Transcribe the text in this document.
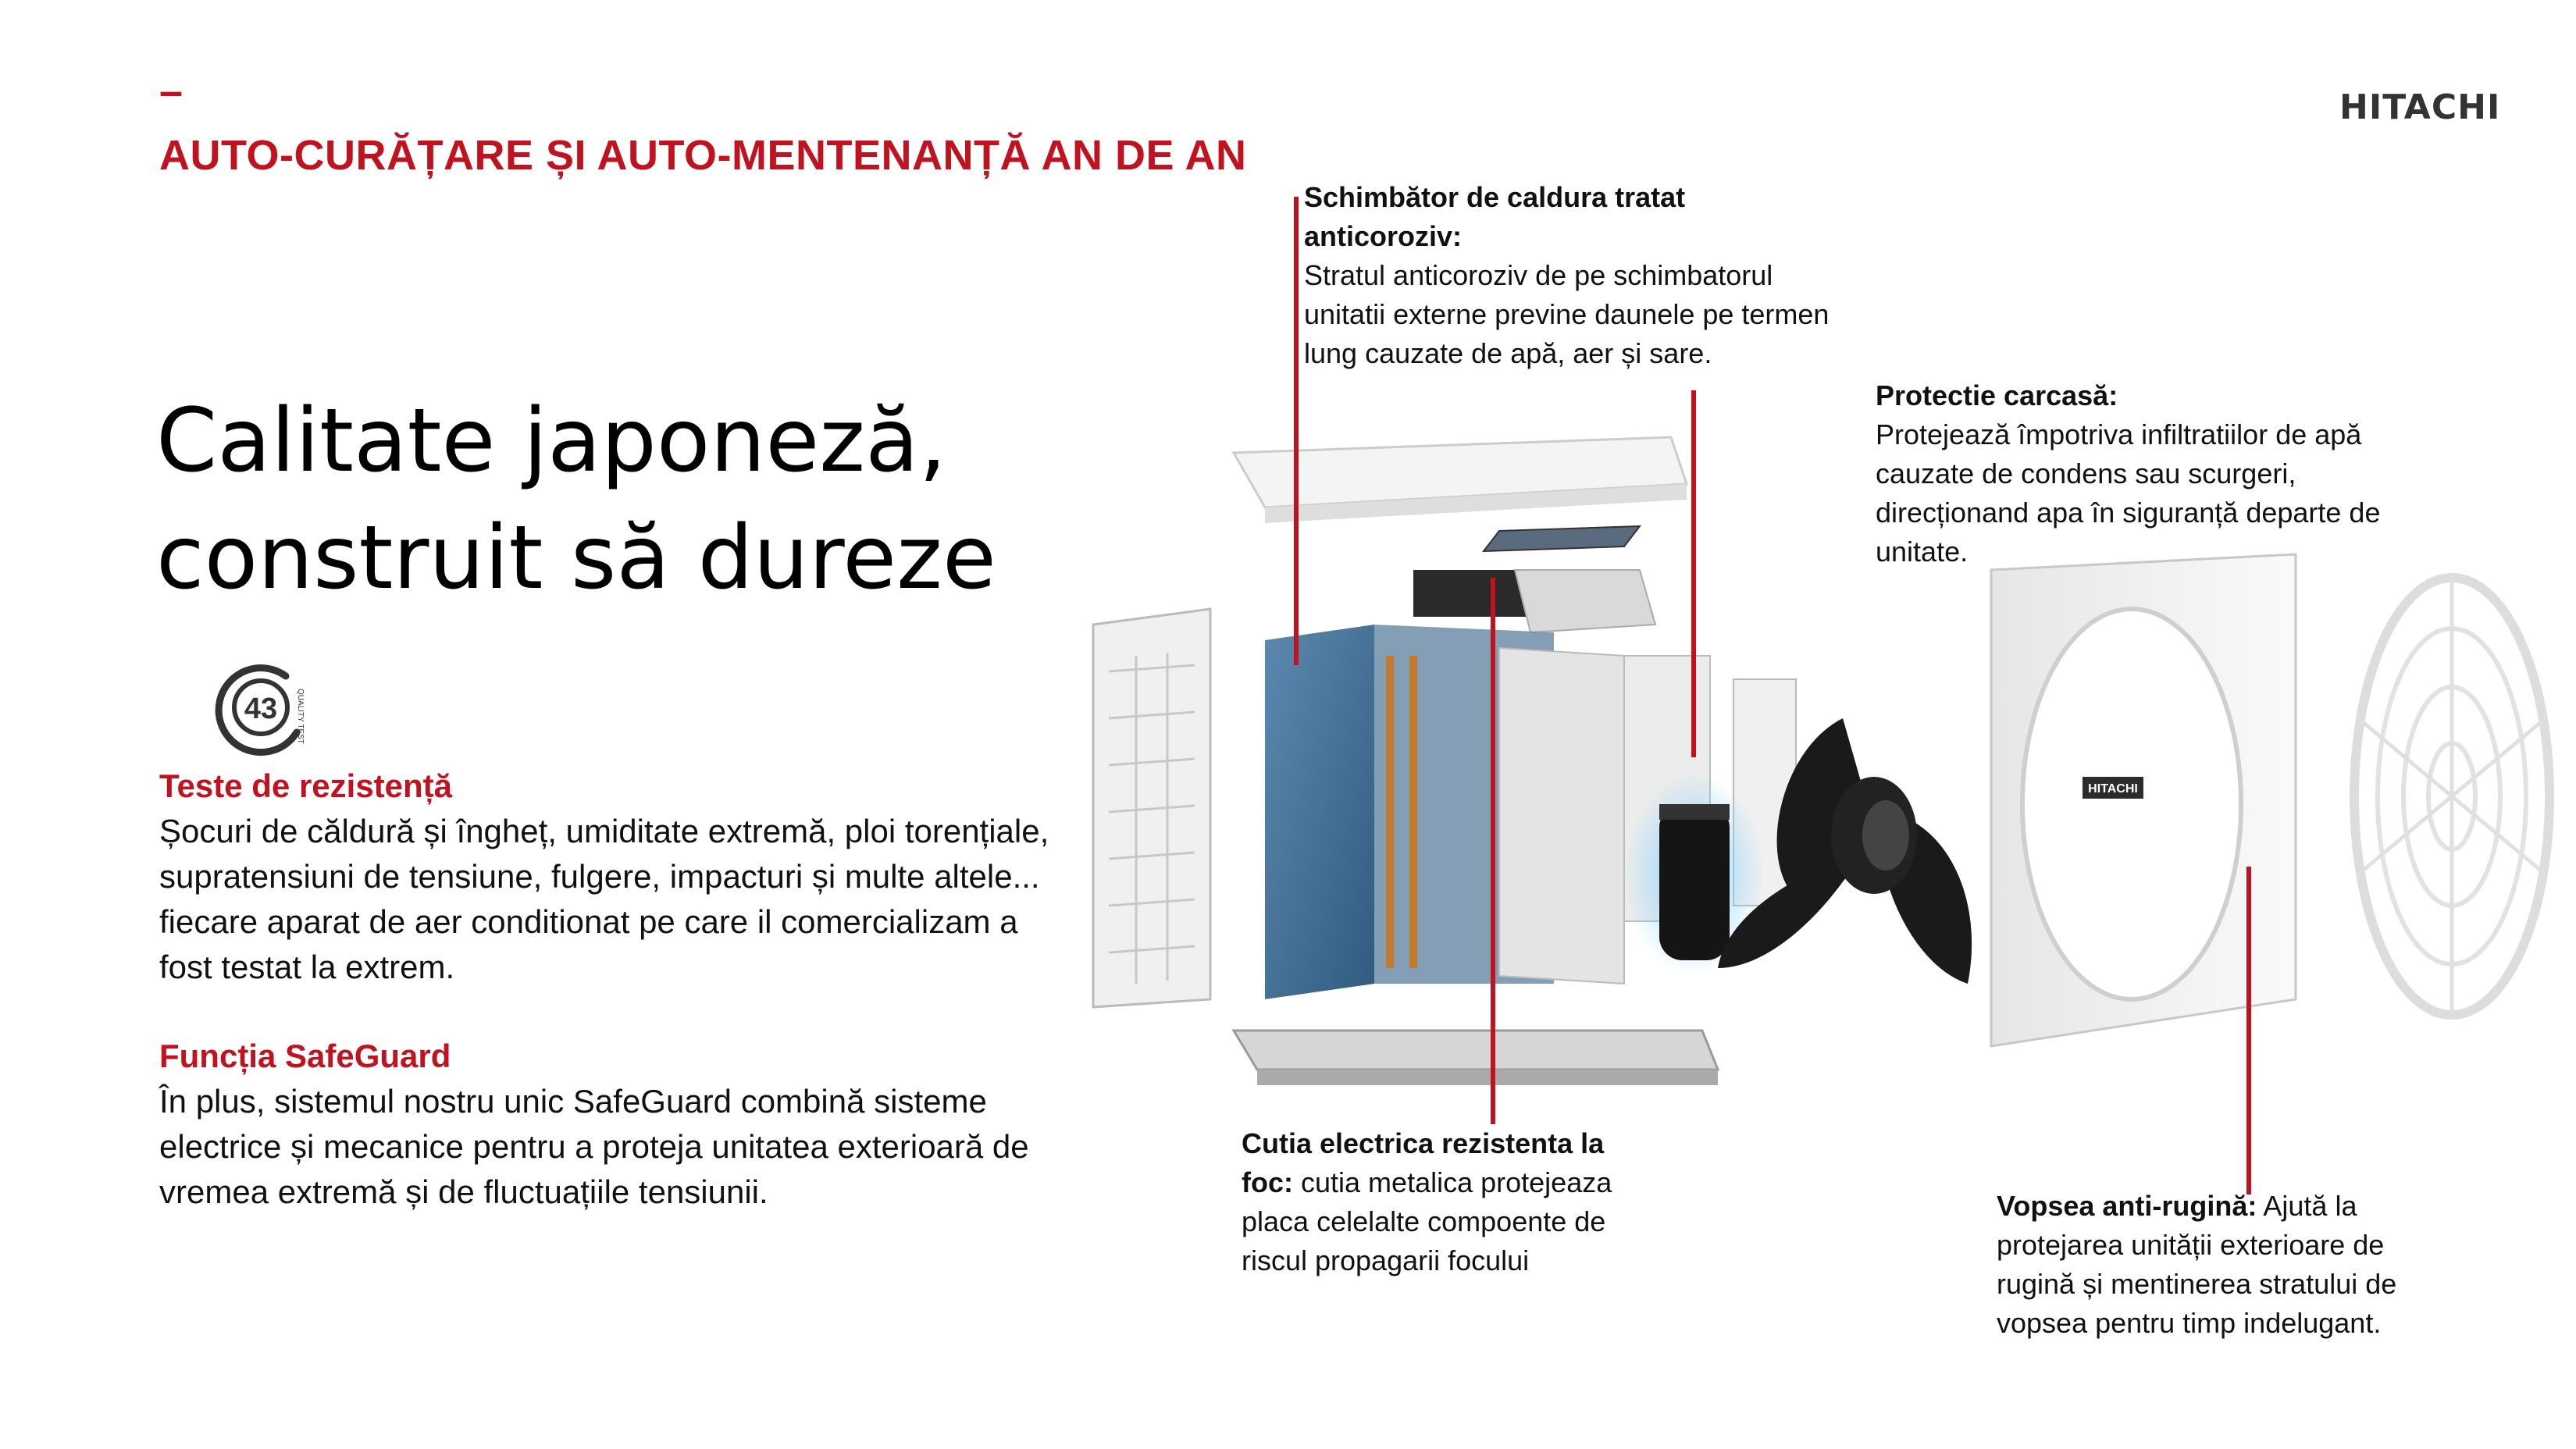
–
AUTO-CURĂȚARE ȘI AUTO-MENTENANȚĂ AN DE AN
HITACHI
Calitate japoneză,
construit să dureze
43 QUALITY TEST
Teste de rezistență
Șocuri de căldură și îngheț, umiditate extremă, ploi torențiale, supratensiuni de tensiune, fulgere, impacturi și multe altele... fiecare aparat de aer conditionat pe care il comercializam a fost testat la extrem.
Funcția SafeGuard
În plus, sistemul nostru unic SafeGuard combină sisteme electrice și mecanice pentru a proteja unitatea exterioară de vremea extremă și de fluctuațiile tensiunii.
HITACHI
Schimbător de caldura tratat anticoroziv:
Stratul anticoroziv de pe schimbatorul unitatii externe previne daunele pe termen lung cauzate de apă, aer și sare.
Protectie carcasă:
Protejează împotriva infiltratiilor de apă cauzate de condens sau scurgeri, direcționand apa în siguranță departe de unitate.
Cutia electrica rezistenta la foc: cutia metalica protejeaza placa celelalte compoente de riscul propagarii focului
Vopsea anti-rugină: Ajută la protejarea unității exterioare de rugină și mentinerea stratului de vopsea pentru timp indelugant.
